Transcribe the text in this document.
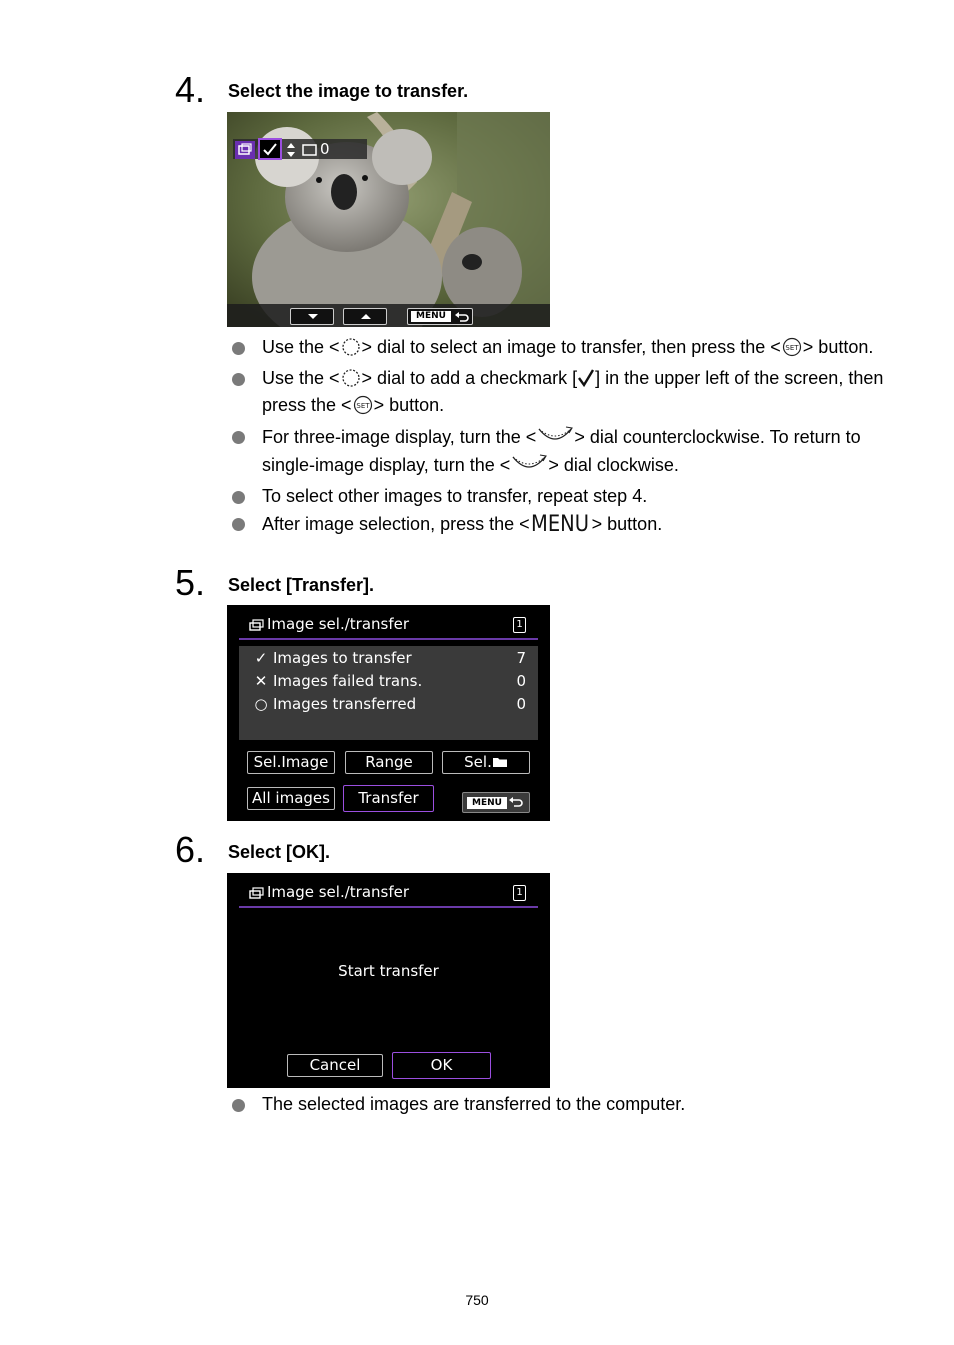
4. Select the image to transfer.
0
MENU
Use the < > dial to select an image to transfer, then press the < SET > button.
Use the < > dial to add a checkmark [ ] in the upper left of the screen, then press the < SET > button.
For three-image display, turn the < > dial counterclockwise. To return to single-image display, turn the < > dial clockwise.
To select other images to transfer, repeat step 4.
After image selection, press the < MENU > button.
5. Select [Transfer].
Image sel./transfer	1
✓ Images to transfer	7
✕ Images failed trans.	0
○ Images transferred	0
Sel.Image	Range	Sel.
All images	Transfer	MENU
6. Select [OK].
Image sel./transfer	1
Start transfer
Cancel	OK
The selected images are transferred to the computer.
750
